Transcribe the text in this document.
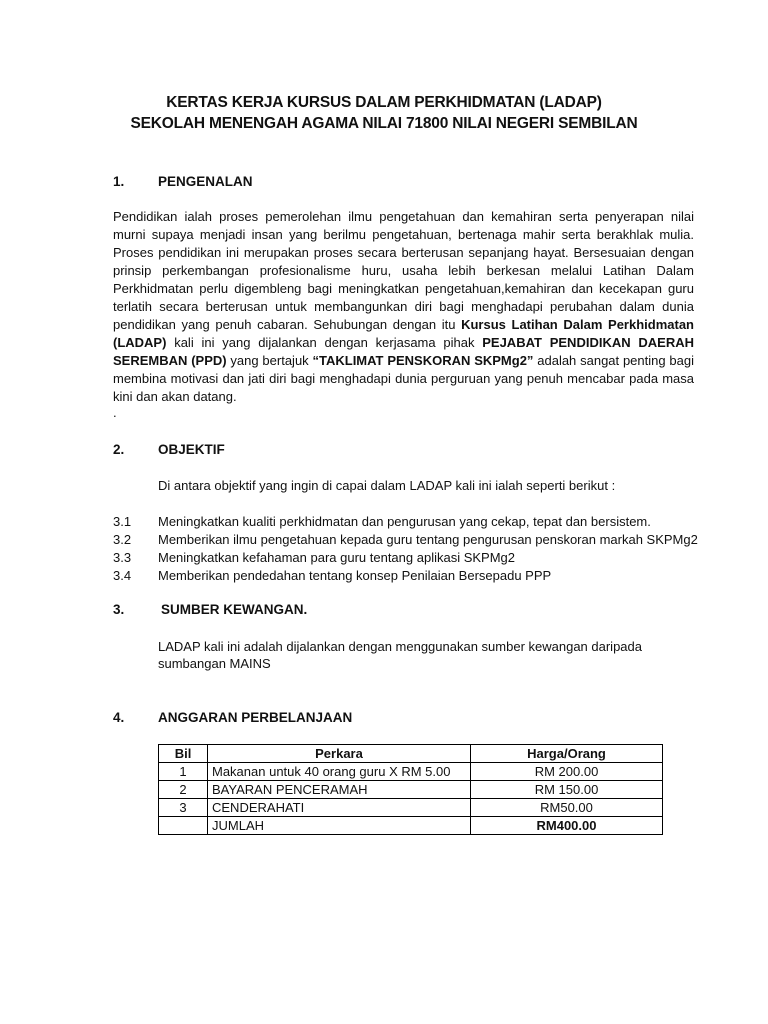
KERTAS KERJA KURSUS DALAM PERKHIDMATAN (LADAP)
SEKOLAH MENENGAH AGAMA NILAI 71800 NILAI NEGERI SEMBILAN
1. PENGENALAN
Pendidikan ialah proses pemerolehan ilmu pengetahuan dan kemahiran serta penyerapan nilai murni supaya menjadi insan yang berilmu pengetahuan, bertenaga mahir serta berakhlak mulia. Proses pendidikan ini merupakan proses secara berterusan sepanjang hayat. Bersesuaian dengan prinsip perkembangan profesionalisme huru, usaha lebih berkesan melalui Latihan Dalam Perkhidmatan perlu digembleng bagi meningkatkan pengetahuan,kemahiran dan kecekapan guru terlatih secara berterusan untuk membangunkan diri bagi menghadapi perubahan dalam dunia pendidikan yang penuh cabaran. Sehubungan dengan itu Kursus Latihan Dalam Perkhidmatan (LADAP) kali ini yang dijalankan dengan kerjasama pihak PEJABAT PENDIDIKAN DAERAH SEREMBAN (PPD) yang bertajuk “TAKLIMAT PENSKORAN SKPMg2” adalah sangat penting bagi membina motivasi dan jati diri bagi menghadapi dunia perguruan yang penuh mencabar pada masa kini dan akan datang.
.
2. OBJEKTIF
Di antara objektif yang ingin di capai dalam LADAP kali ini ialah seperti berikut :
3.1 Meningkatkan kualiti perkhidmatan dan pengurusan yang cekap, tepat dan bersistem.
3.2 Memberikan ilmu pengetahuan kepada guru tentang pengurusan penskoran markah SKPMg2
3.3 Meningkatkan kefahaman para guru tentang aplikasi SKPMg2
3.4 Memberikan pendedahan tentang konsep Penilaian Bersepadu PPP
3.	SUMBER KEWANGAN.
LADAP kali ini adalah dijalankan dengan menggunakan sumber kewangan daripada
sumbangan MAINS
4. ANGGARAN PERBELANJAAN
Bil	Perkara	Harga/Orang
1	Makanan untuk 40 orang guru X RM 5.00	RM 200.00
2	BAYARAN PENCERAMAH	RM 150.00
3	CENDERAHATI	RM50.00
	JUMLAH	RM400.00
